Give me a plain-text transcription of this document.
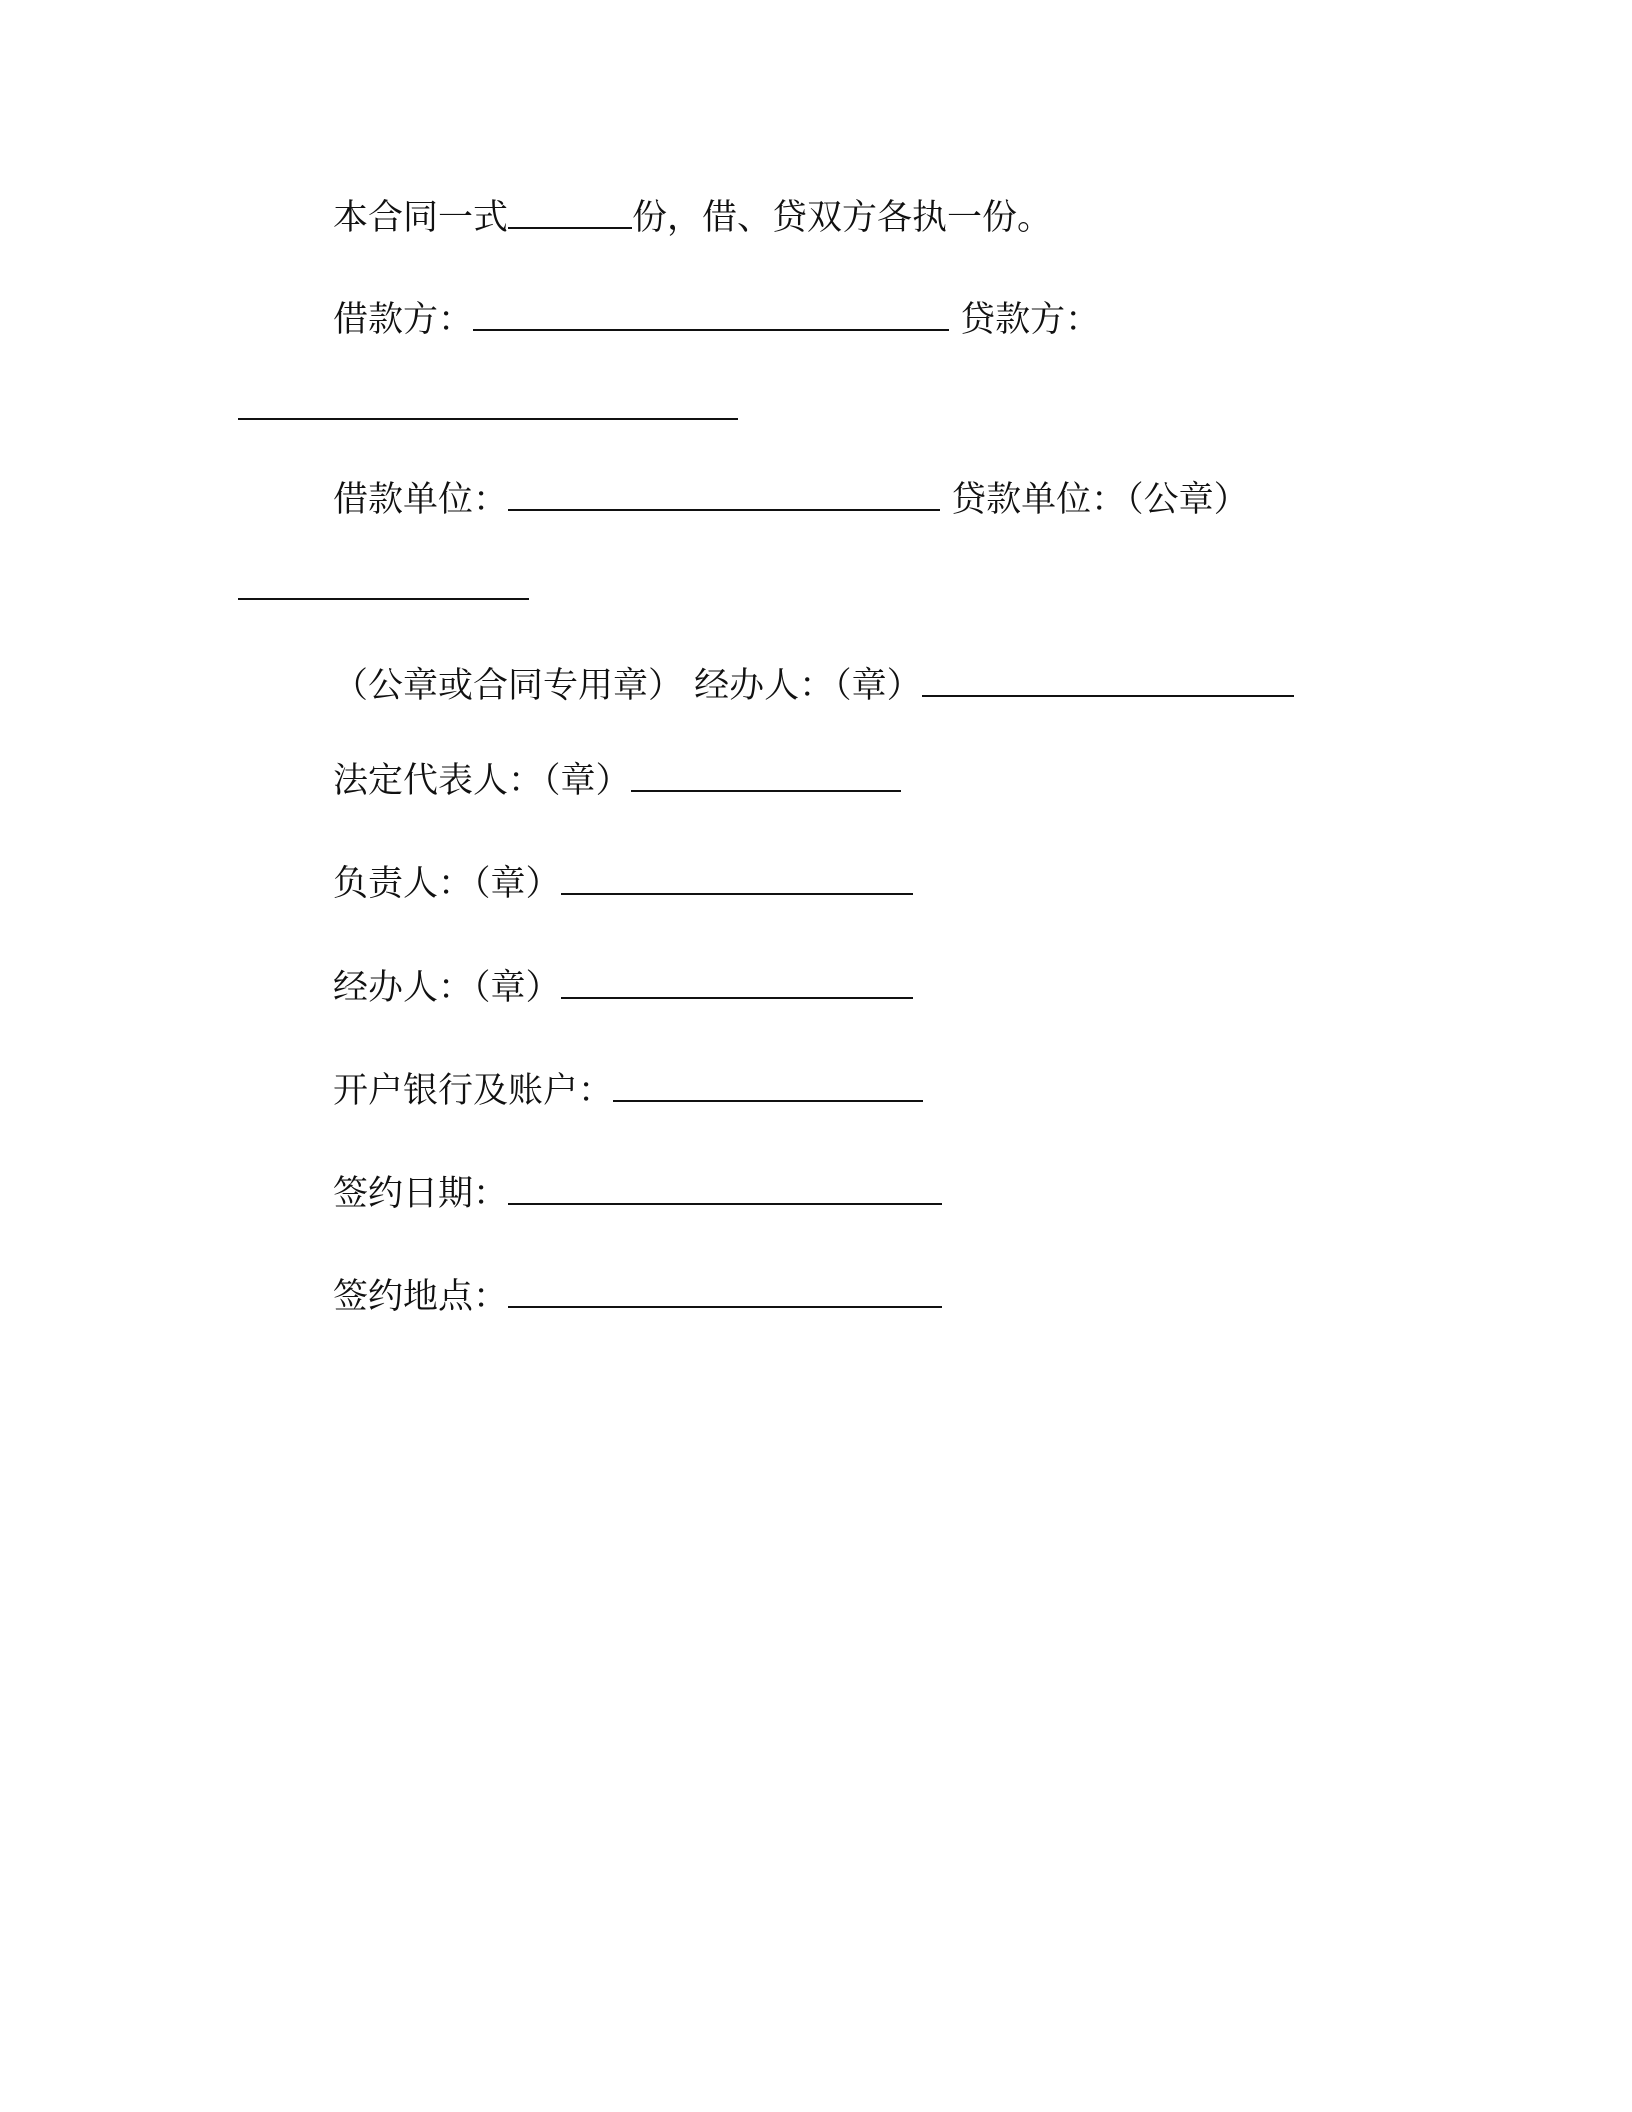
本合同一式	份，借、贷双方各执一份。
借款方：	贷款方：
借款单位：	贷款单位：（公章）
（公章或合同专用章） 经办人：（章）
法定代表人：（章）
负责人：（章）
经办人：（章）
开户银行及账户：
签约日期：
签约地点：
